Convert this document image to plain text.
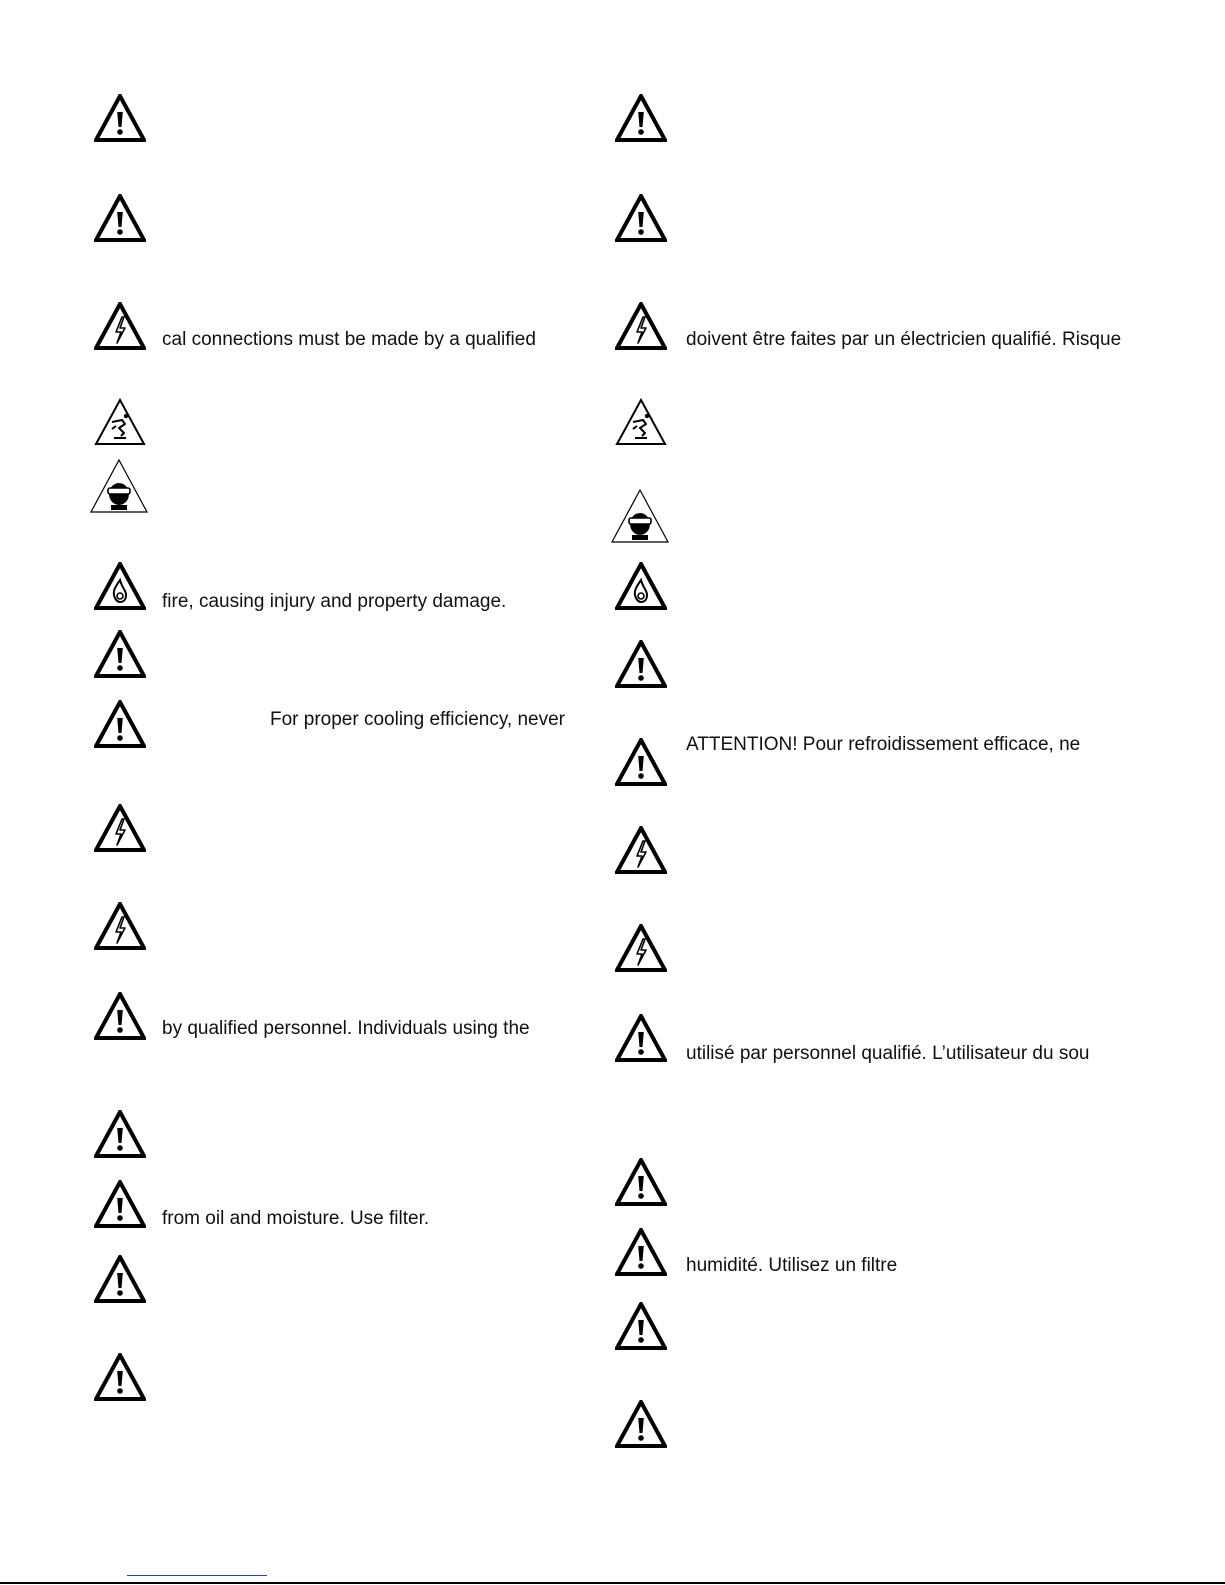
cal connections must be made by a qualified
fire, causing injury and property damage.
For proper cooling efficiency, never
by qualified personnel. Individuals using the
from oil and moisture. Use filter.
doivent être faites par un électricien qualifié. Risque
ATTENTION! Pour refroidissement efficace, ne
utilisé par personnel qualifié. L’utilisateur du sou
humidité. Utilisez un filtre
